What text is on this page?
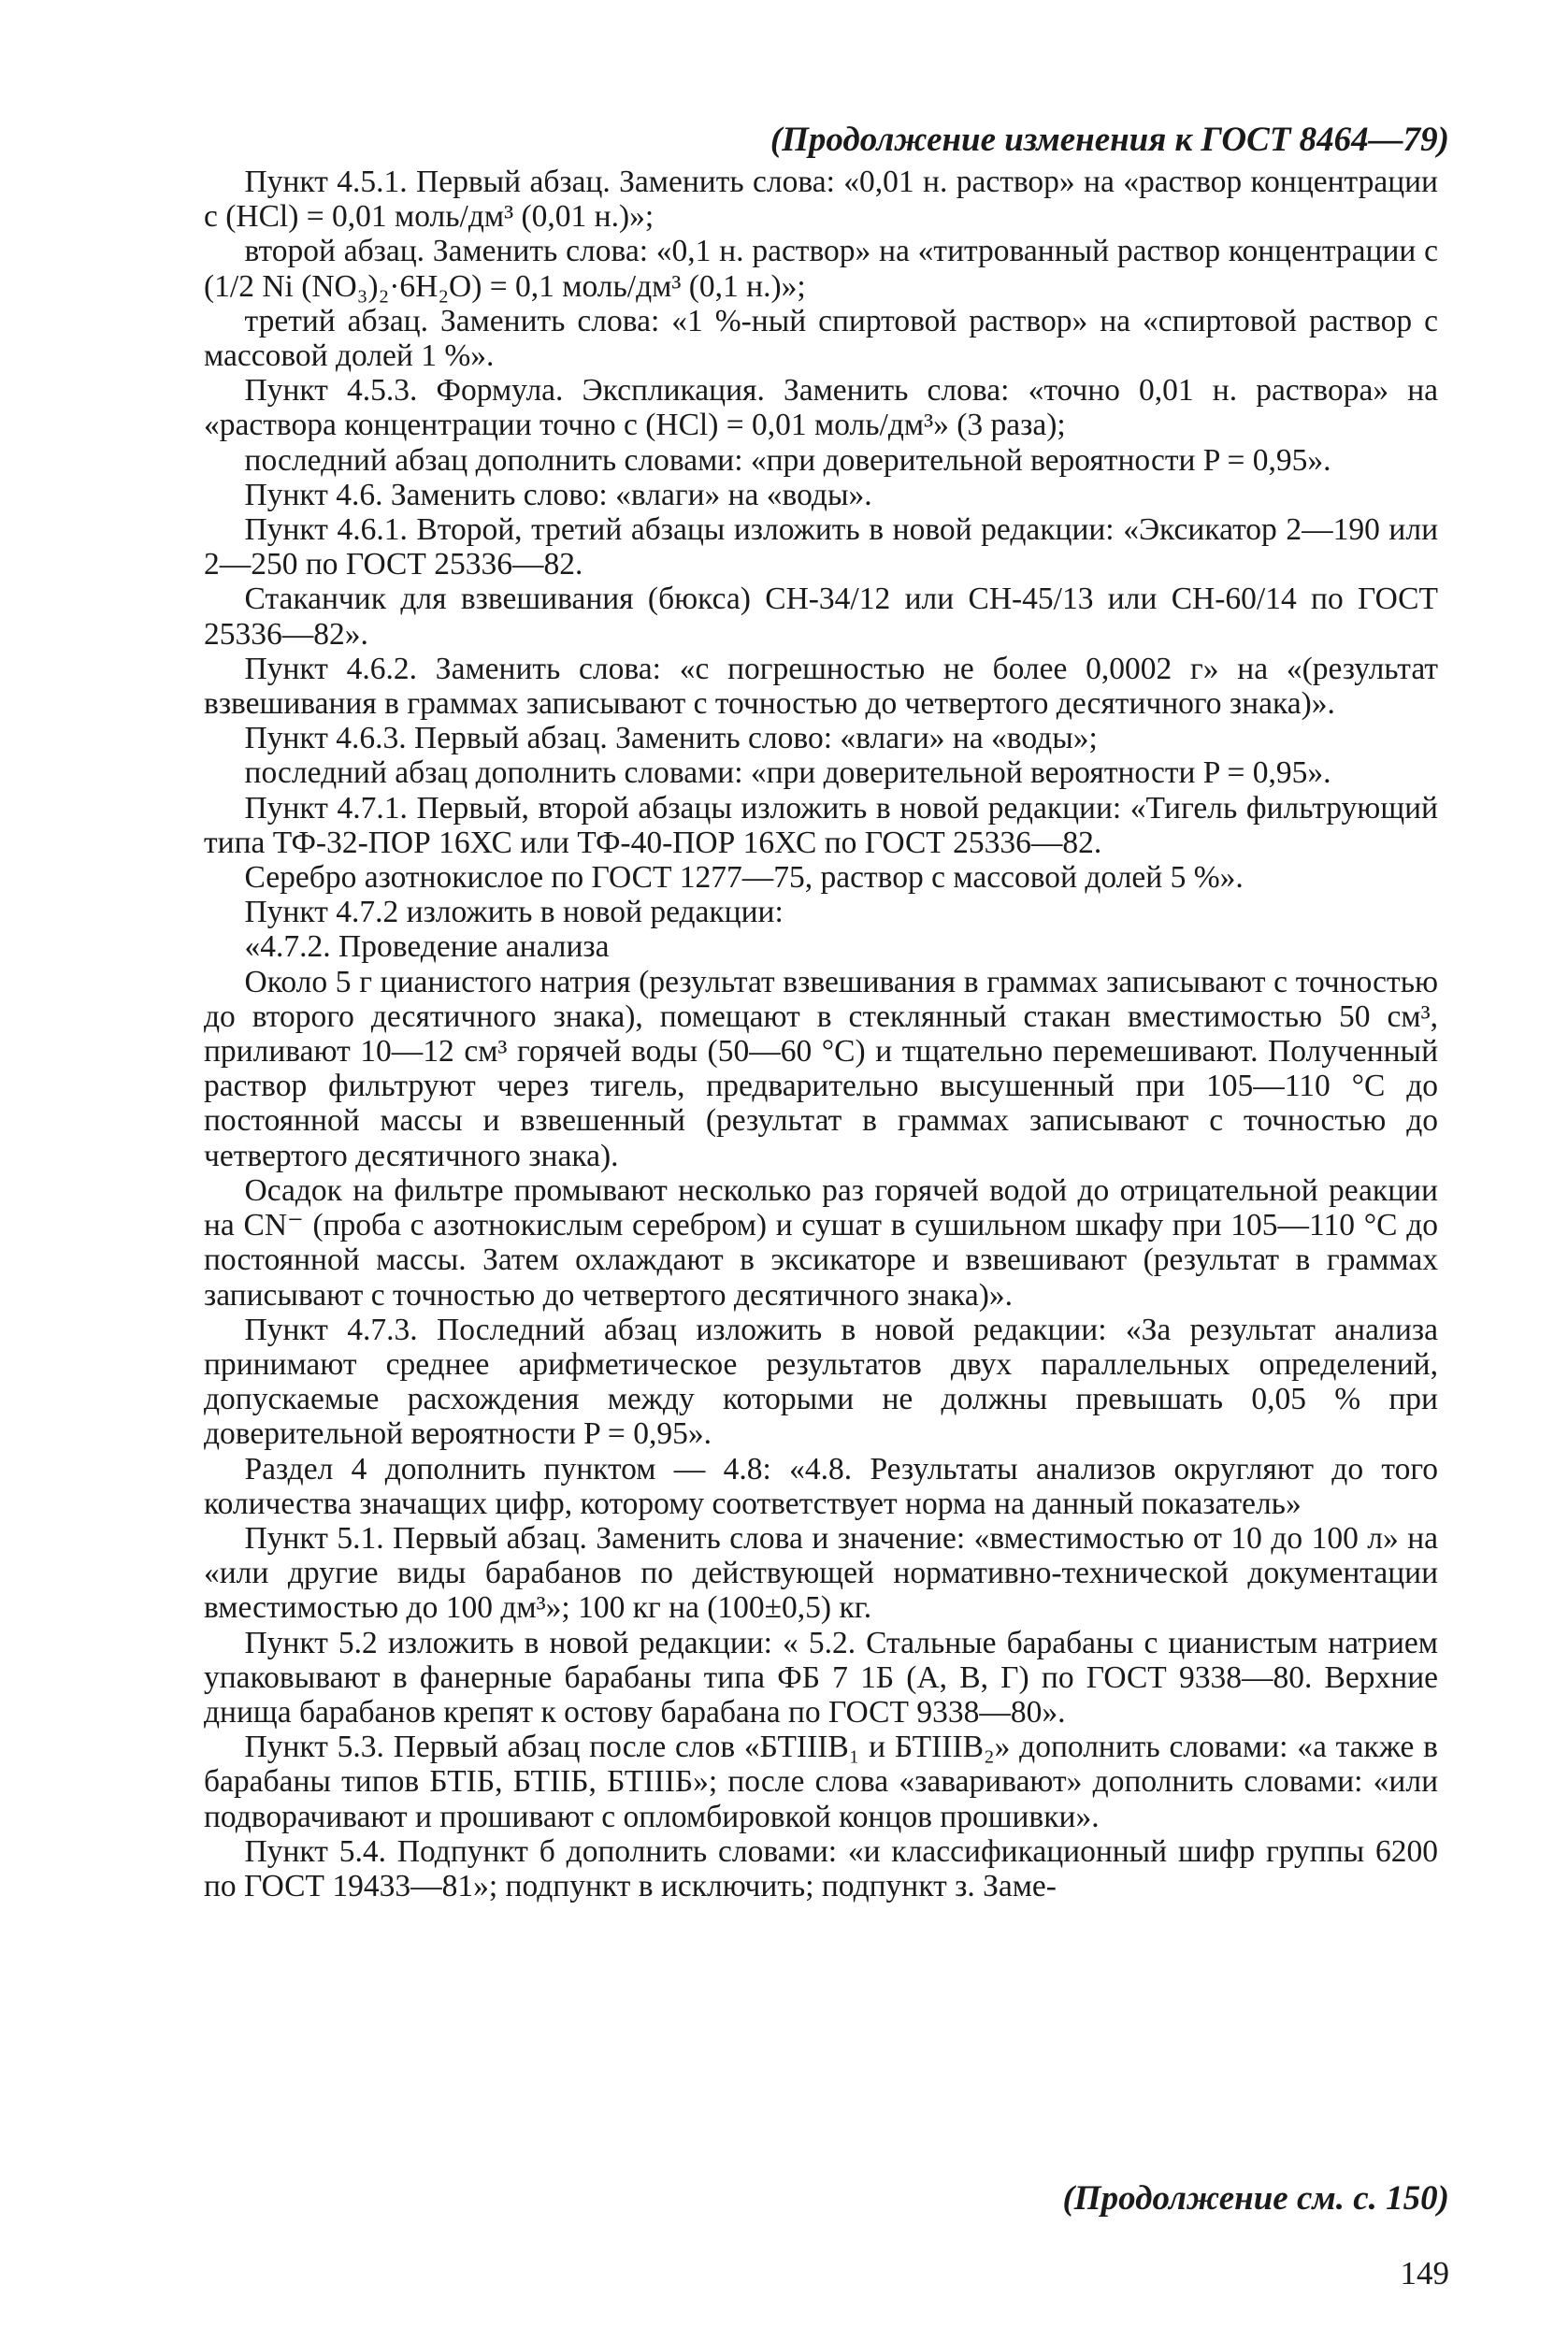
(Продолжение изменения к ГОСТ 8464—79)

Пункт 4.5.1. Первый абзац. Заменить слова: «0,01 н. раствор» на «раствор концентрации с (HCl) = 0,01 моль/дм³ (0,01 н.)»;

второй абзац. Заменить слова: «0,1 н. раствор» на «титрованный раствор концентрации с (1/2 Ni (NO₃)₂·6H₂O) = 0,1 моль/дм³ (0,1 н.)»;

третий абзац. Заменить слова: «1 %-ный спиртовой раствор» на «спиртовой раствор с массовой долей 1 %».

Пункт 4.5.3. Формула. Экспликация. Заменить слова: «точно 0,01 н. раствора» на «раствора концентрации точно с (HCl) = 0,01 моль/дм³» (3 раза);

последний абзац дополнить словами: «при доверительной вероятности P = 0,95».

Пункт 4.6. Заменить слово: «влаги» на «воды».

Пункт 4.6.1. Второй, третий абзацы изложить в новой редакции: «Эксикатор 2—190 или 2—250 по ГОСТ 25336—82.

Стаканчик для взвешивания (бюкса) СН-34/12 или СН-45/13 или СН-60/14 по ГОСТ 25336—82».

Пункт 4.6.2. Заменить слова: «с погрешностью не более 0,0002 г» на «(результат взвешивания в граммах записывают с точностью до четвертого десятичного знака)».

Пункт 4.6.3. Первый абзац. Заменить слово: «влаги» на «воды»;

последний абзац дополнить словами: «при доверительной вероятности P = 0,95».

Пункт 4.7.1. Первый, второй абзацы изложить в новой редакции: «Тигель фильтрующий типа ТФ-32-ПОР 16ХС или ТФ-40-ПОР 16ХС по ГОСТ 25336—82.

Серебро азотнокислое по ГОСТ 1277—75, раствор с массовой долей 5 %».

Пункт 4.7.2 изложить в новой редакции:

«4.7.2. Проведение анализа

Около 5 г цианистого натрия (результат взвешивания в граммах записывают с точностью до второго десятичного знака), помещают в стеклянный стакан вместимостью 50 см³, приливают 10—12 см³ горячей воды (50—60 °С) и тщательно перемешивают. Полученный раствор фильтруют через тигель, предварительно высушенный при 105—110 °С до постоянной массы и взвешенный (результат в граммах записывают с точностью до четвертого десятичного знака).

Осадок на фильтре промывают несколько раз горячей водой до отрицательной реакции на CN⁻ (проба с азотнокислым серебром) и сушат в сушильном шкафу при 105—110 °С до постоянной массы. Затем охлаждают в эксикаторе и взвешивают (результат в граммах записывают с точностью до четвертого десятичного знака)».

Пункт 4.7.3. Последний абзац изложить в новой редакции: «За результат анализа принимают среднее арифметическое результатов двух параллельных определений, допускаемые расхождения между которыми не должны превышать 0,05 % при доверительной вероятности P = 0,95».

Раздел 4 дополнить пунктом — 4.8: «4.8. Результаты анализов округляют до того количества значащих цифр, которому соответствует норма на данный показатель»

Пункт 5.1. Первый абзац. Заменить слова и значение: «вместимостью от 10 до 100 л» на «или другие виды барабанов по действующей нормативно-технической документации вместимостью до 100 дм³»; 100 кг на (100±0,5) кг.

Пункт 5.2 изложить в новой редакции: « 5.2. Стальные барабаны с цианистым натрием упаковывают в фанерные барабаны типа ФБ 7 1Б (А, В, Г) по ГОСТ 9338—80. Верхние днища барабанов крепят к остову барабана по ГОСТ 9338—80».

Пункт 5.3. Первый абзац после слов «БТIIIВ₁ и БТIIIВ₂» дополнить словами: «а также в барабаны типов БТIБ, БТIIБ, БТIIIБ»; после слова «заваривают» дополнить словами: «или подворачивают и прошивают с опломбировкой концов прошивки».

Пункт 5.4. Подпункт б дополнить словами: «и классификационный шифр группы 6200 по ГОСТ 19433—81»; подпункт в исключить; подпункт з. Заме-

(Продолжение см. с. 150)
149
